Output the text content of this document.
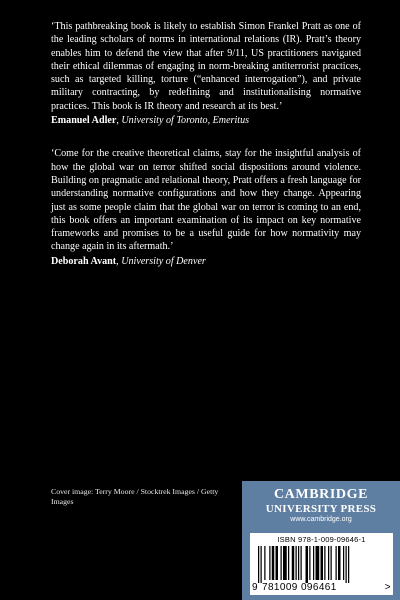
‘This pathbreaking book is likely to establish Simon Frankel Pratt as one of the leading scholars of norms in international relations (IR). Pratt’s theory enables him to defend the view that after 9/11, US practitioners navigated their ethical dilemmas of engaging in norm-breaking antiterrorist practices, such as targeted killing, torture (“enhanced interrogation”), and private military contracting, by redefining and institutionalising normative practices. This book is IR theory and research at its best.’

Emanuel Adler, University of Toronto, Emeritus

‘Come for the creative theoretical claims, stay for the insightful analysis of how the global war on terror shifted social dispositions around violence. Building on pragmatic and relational theory, Pratt offers a fresh language for understanding normative configurations and how they change. Appearing just as some people claim that the global war on terror is coming to an end, this book offers an important examination of its impact on key normative frameworks and promises to be a useful guide for how normativity may change again in its aftermath.’

Deborah Avant, University of Denver
Cover image: Terry Moore / Stocktrek Images / Getty Images	CAMBRIDGE
UNIVERSITY PRESS
www.cambridge.org
ISBN 978-1-009-09646-1
9 781009 096461	>
